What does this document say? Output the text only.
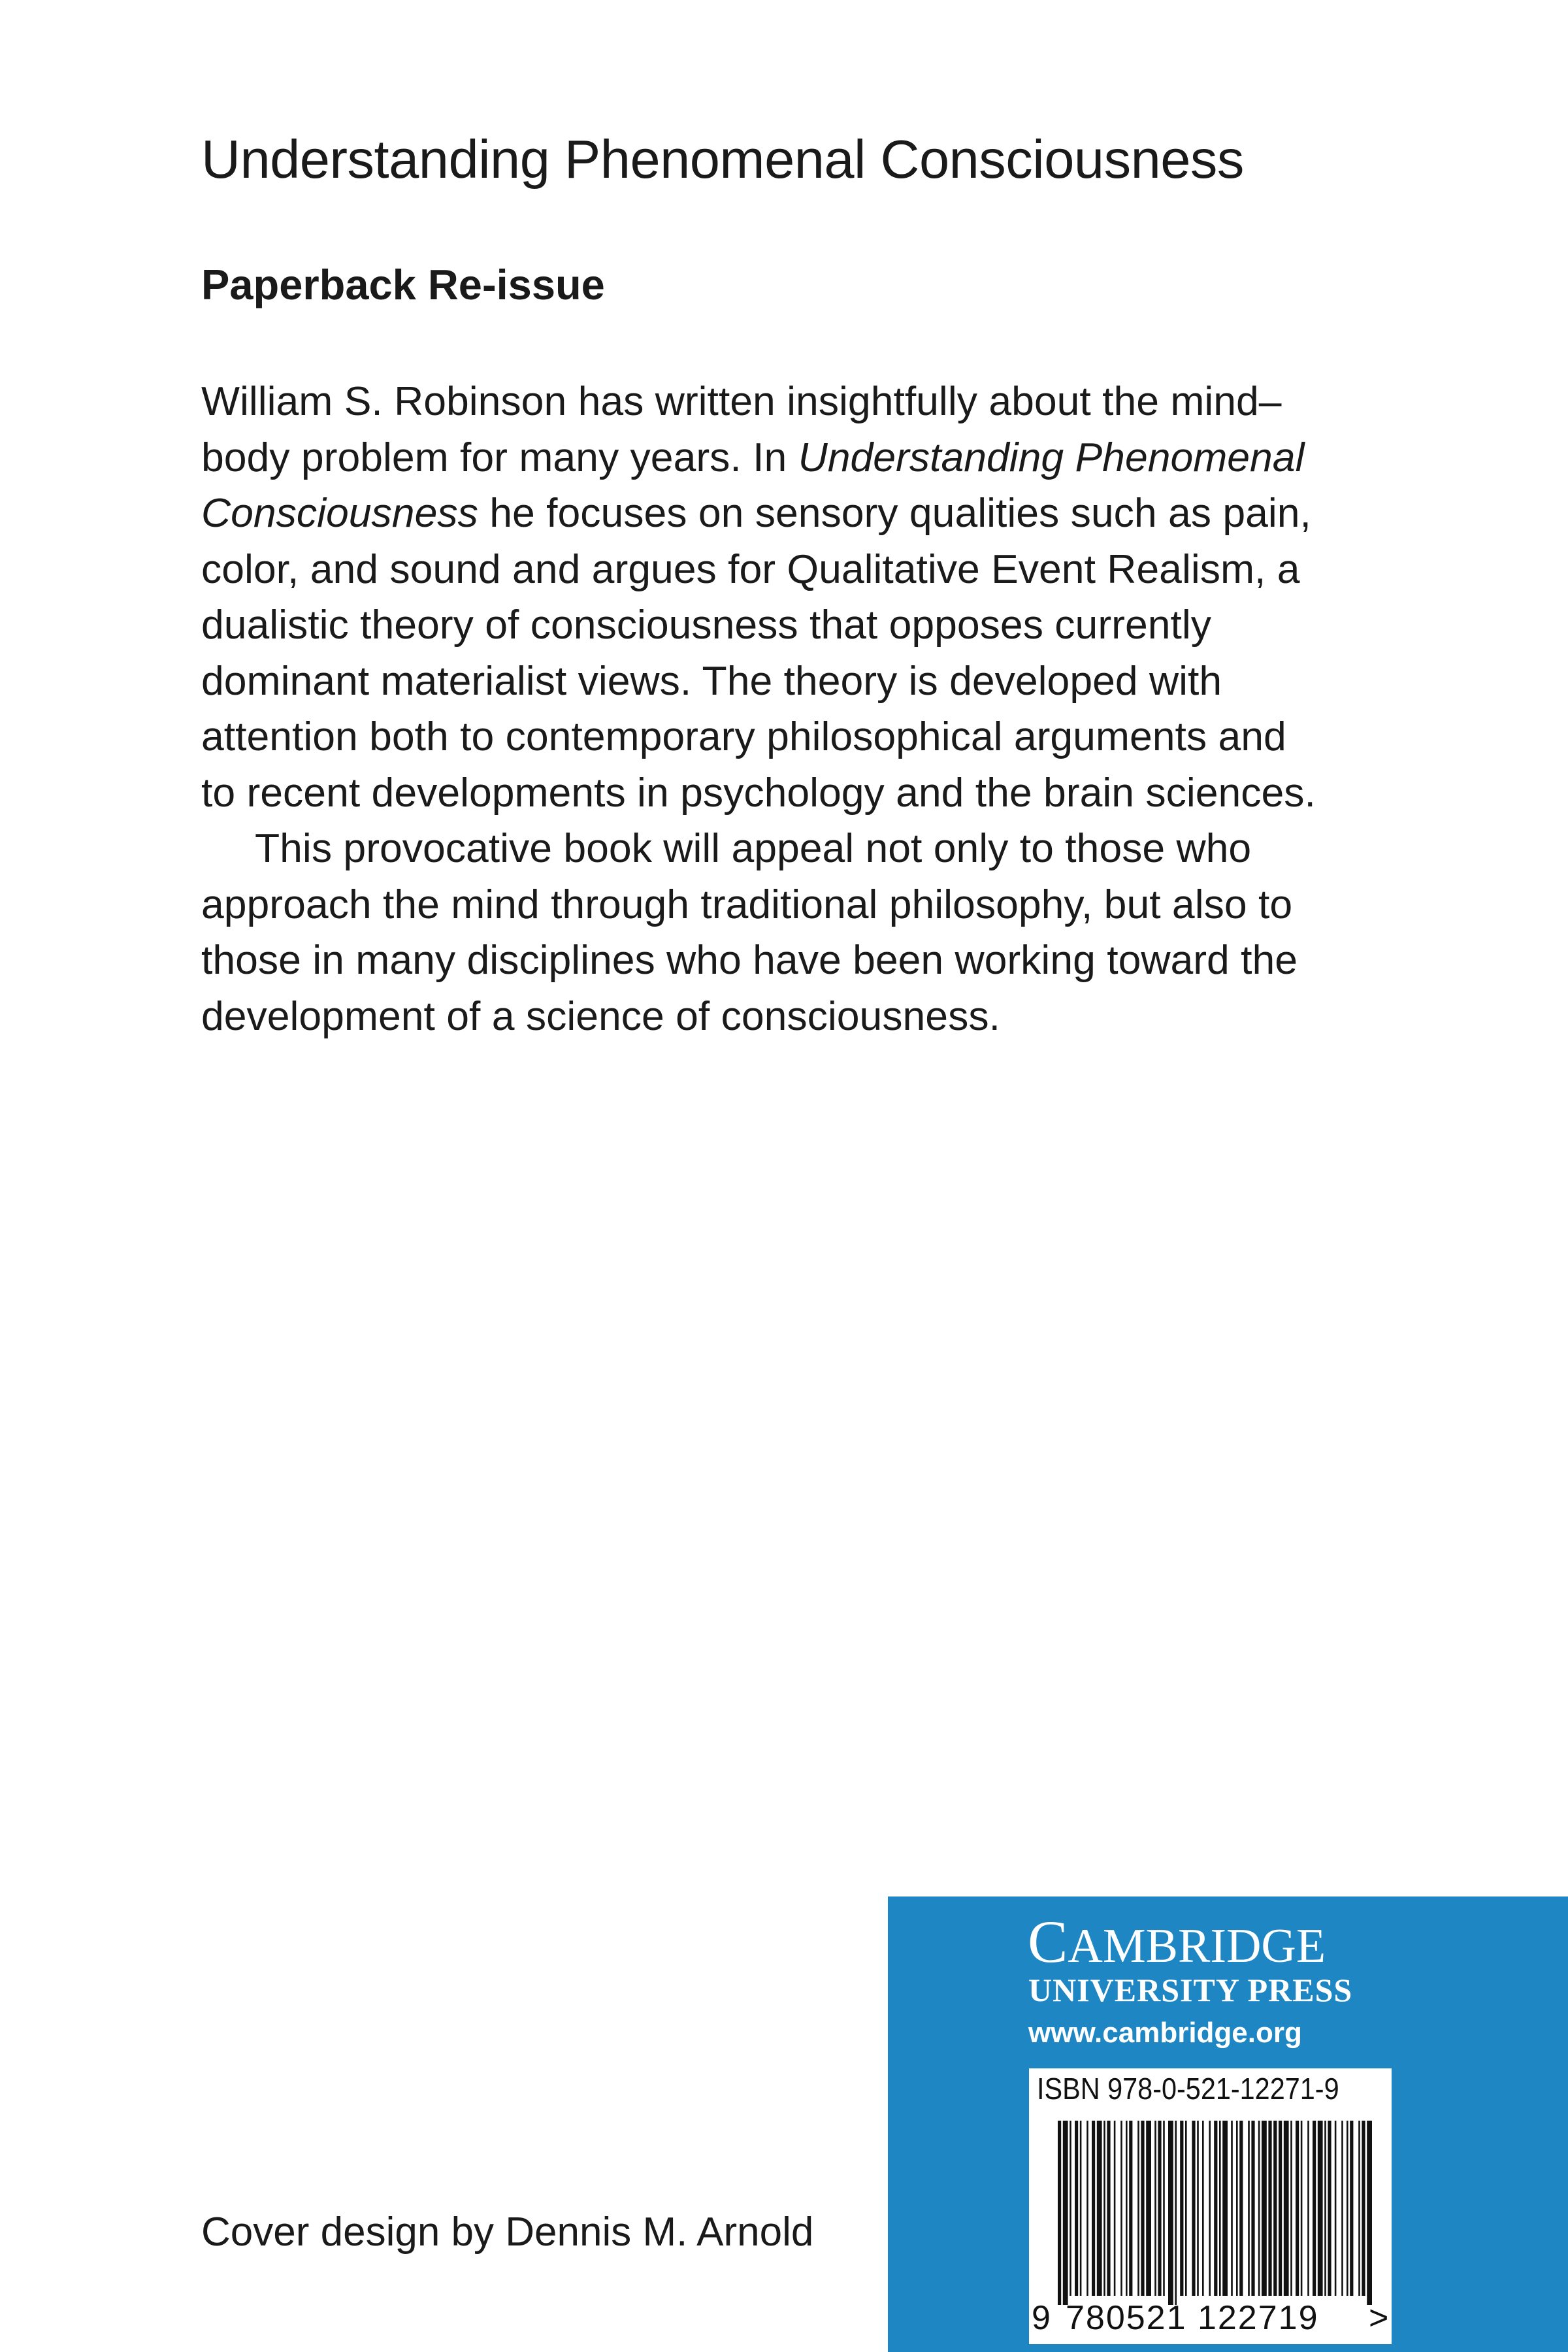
Understanding Phenomenal Consciousness
Paperback Re-issue
William S. Robinson has written insightfully about the mind–
body problem for many years. In Understanding Phenomenal
Consciousness he focuses on sensory qualities such as pain,
color, and sound and argues for Qualitative Event Realism, a
dualistic theory of consciousness that opposes currently
dominant materialist views. The theory is developed with
attention both to contemporary philosophical arguments and
to recent developments in psychology and the brain sciences.
This provocative book will appeal not only to those who
approach the mind through traditional philosophy, but also to
those in many disciplines who have been working toward the
development of a science of consciousness.
Cover design by Dennis M. Arnold
CAMBRIDGE
UNIVERSITY PRESS
www.cambridge.org
ISBN 978-0-521-12271-9
9 780521 122719 >
